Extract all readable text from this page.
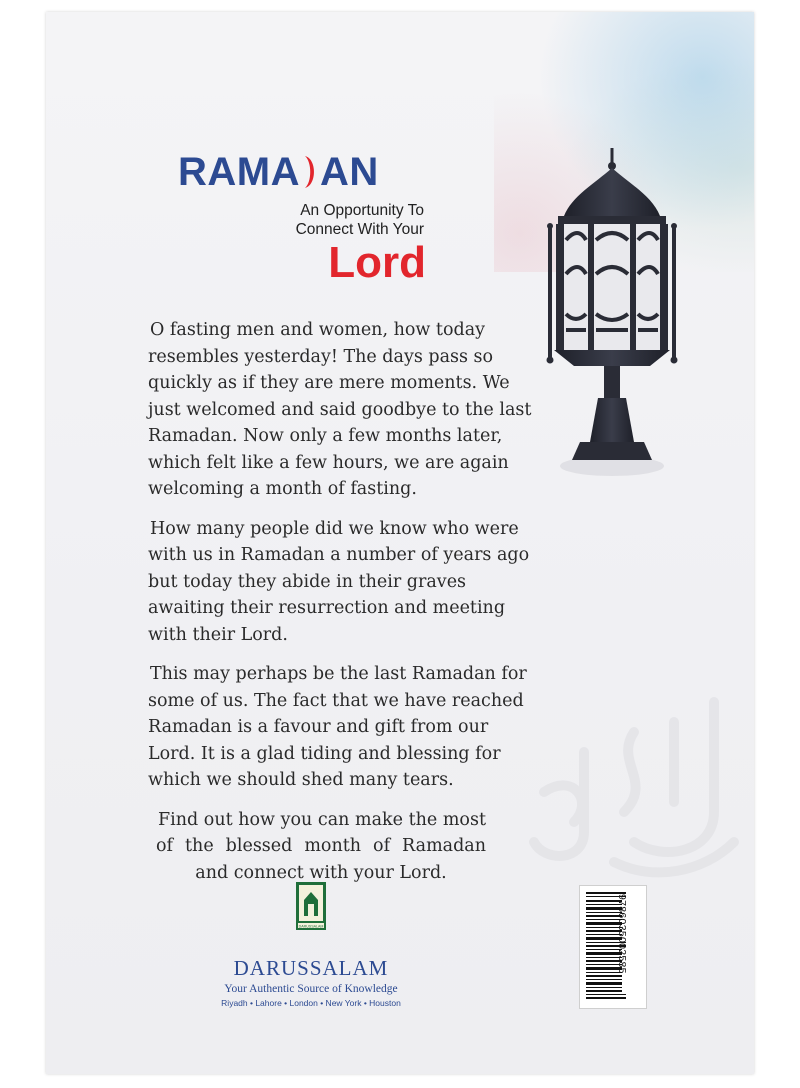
RAMA AN
An Opportunity To
Connect With Your
Lord

O fasting men and women, how today resembles yesterday! The days pass so quickly as if they are mere moments. We just welcomed and said goodbye to the last Ramadan. Now only a few months later, which felt like a few hours, we are again welcoming a month of fasting.

How many people did we know who were with us in Ramadan a number of years ago but today they abide in their graves awaiting their resurrection and meeting with their Lord.

This may perhaps be the last Ramadan for some of us. The fact that we have reached Ramadan is a favour and gift from our Lord. It is a glad tiding and blessing for which we should shed many tears.

Find out how you can make the most of the blessed month of Ramadan and connect with your Lord.

DARUSSALAM
DARUSSALAM
Your Authentic Source of Knowledge
Riyadh • Lahore • London • New York • Houston
9786035002585
